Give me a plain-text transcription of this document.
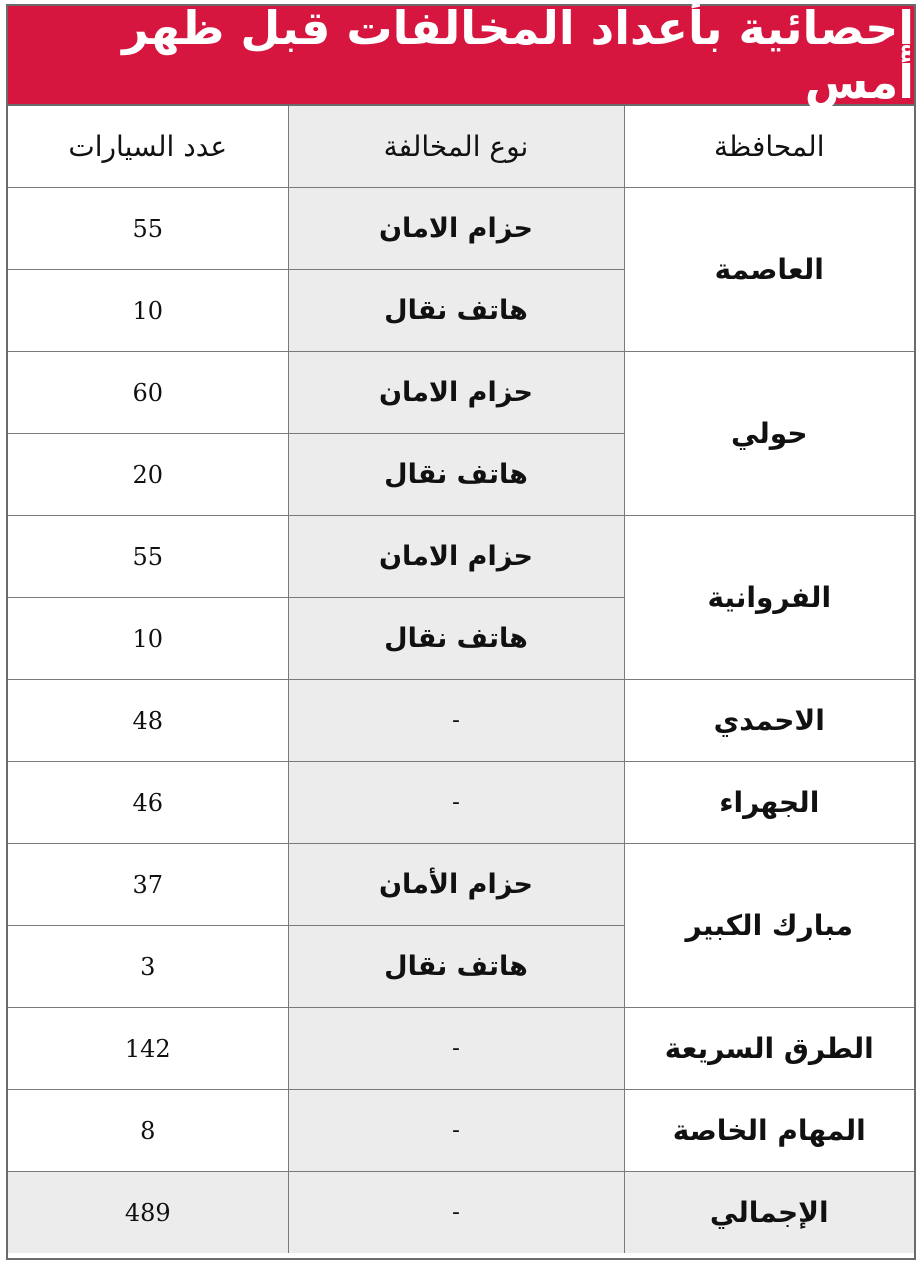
إحصائية بأعداد المخالفات قبل ظهر أمس
المحافظة	نوع المخالفة	عدد السيارات
العاصمة	حزام الامان	55
	هاتف نقال	10
حولي	حزام الامان	60
	هاتف نقال	20
الفروانية	حزام الامان	55
	هاتف نقال	10
الاحمدي	-	48
الجهراء	-	46
مبارك الكبير	حزام الأمان	37
	هاتف نقال	3
الطرق السريعة	-	142
المهام الخاصة	-	8
الإجمالي	-	489
